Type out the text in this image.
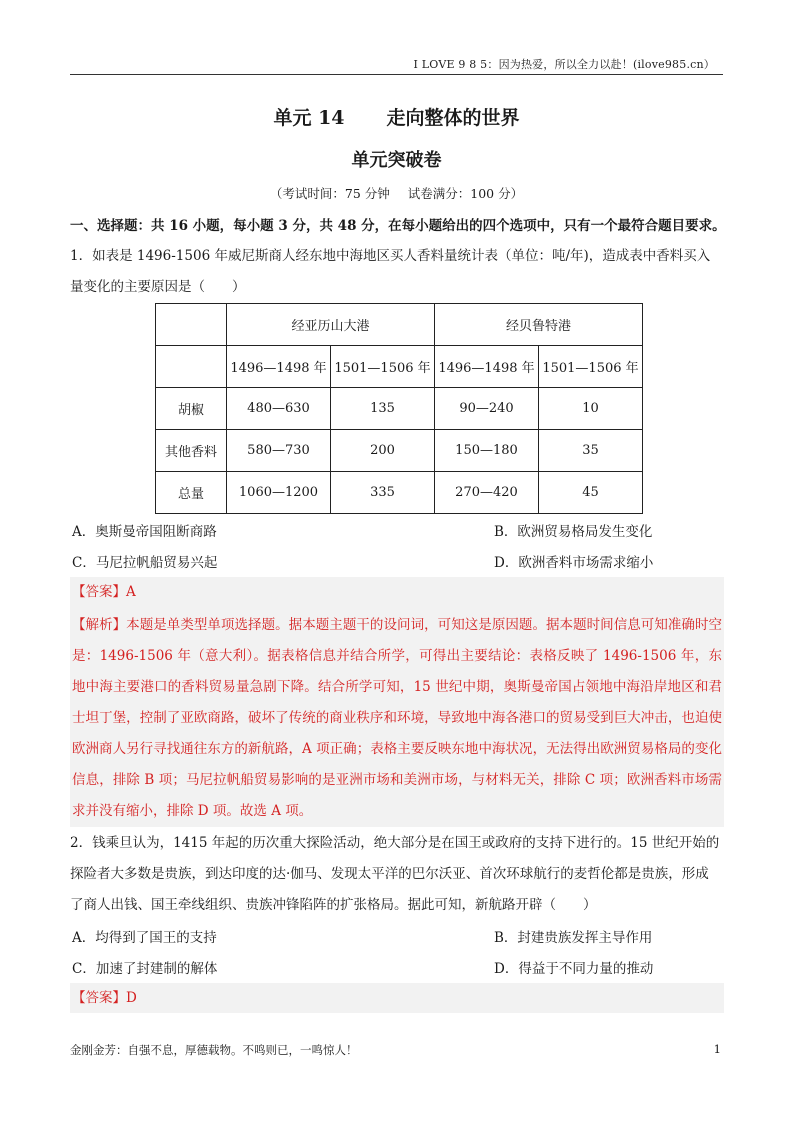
I LOVE 9 8 5：因为热爱，所以全力以赴！(ilove985.cn）
单元 14 走向整体的世界
单元突破卷
（考试时间：75 分钟 试卷满分：100 分）
一、选择题：共 16 小题，每小题 3 分，共 48 分，在每小题给出的四个选项中，只有一个最符合题目要求。
1．如表是 1496-1506 年威尼斯商人经东地中海地区买人香料量统计表（单位：吨/年)，造成表中香料买入量变化的主要原因是（　　）
	经亚历山大港		经贝鲁特港	
	1496—1498 年	1501—1506 年	1496—1498 年	1501—1506 年
胡椒	480—630	135	90—240	10
其他香料	580—730	200	150—180	35
总量	1060—1200	335	270—420	45
A．奥斯曼帝国阻断商路	B．欧洲贸易格局发生变化
C．马尼拉帆船贸易兴起	D．欧洲香料市场需求缩小
【答案】A
【解析】本题是单类型单项选择题。据本题主题干的设问词，可知这是原因题。据本题时间信息可知准确时空是：1496-1506 年（意大利）。据表格信息并结合所学，可得出主要结论：表格反映了 1496-1506 年，东地中海主要港口的香料贸易量急剧下降。结合所学可知，15 世纪中期，奥斯曼帝国占领地中海沿岸地区和君士坦丁堡，控制了亚欧商路，破坏了传统的商业秩序和环境，导致地中海各港口的贸易受到巨大冲击，也迫使欧洲商人另行寻找通往东方的新航路，A 项正确；表格主要反映东地中海状况，无法得出欧洲贸易格局的变化信息，排除 B 项；马尼拉帆船贸易影响的是亚洲市场和美洲市场，与材料无关，排除 C 项；欧洲香料市场需求并没有缩小，排除 D 项。故选 A 项。
2．钱乘旦认为，1415 年起的历次重大探险活动，绝大部分是在国王或政府的支持下进行的。15 世纪开始的探险者大多数是贵族，到达印度的达·伽马、发现太平洋的巴尔沃亚、首次环球航行的麦哲伦都是贵族，形成了商人出钱、国王牵线组织、贵族冲锋陷阵的扩张格局。据此可知，新航路开辟（　　）
A．均得到了国王的支持	B．封建贵族发挥主导作用
C．加速了封建制的解体	D．得益于不同力量的推动
【答案】D
金刚金芳：自强不息，厚德载物。不鸣则已，一鸣惊人！	1
